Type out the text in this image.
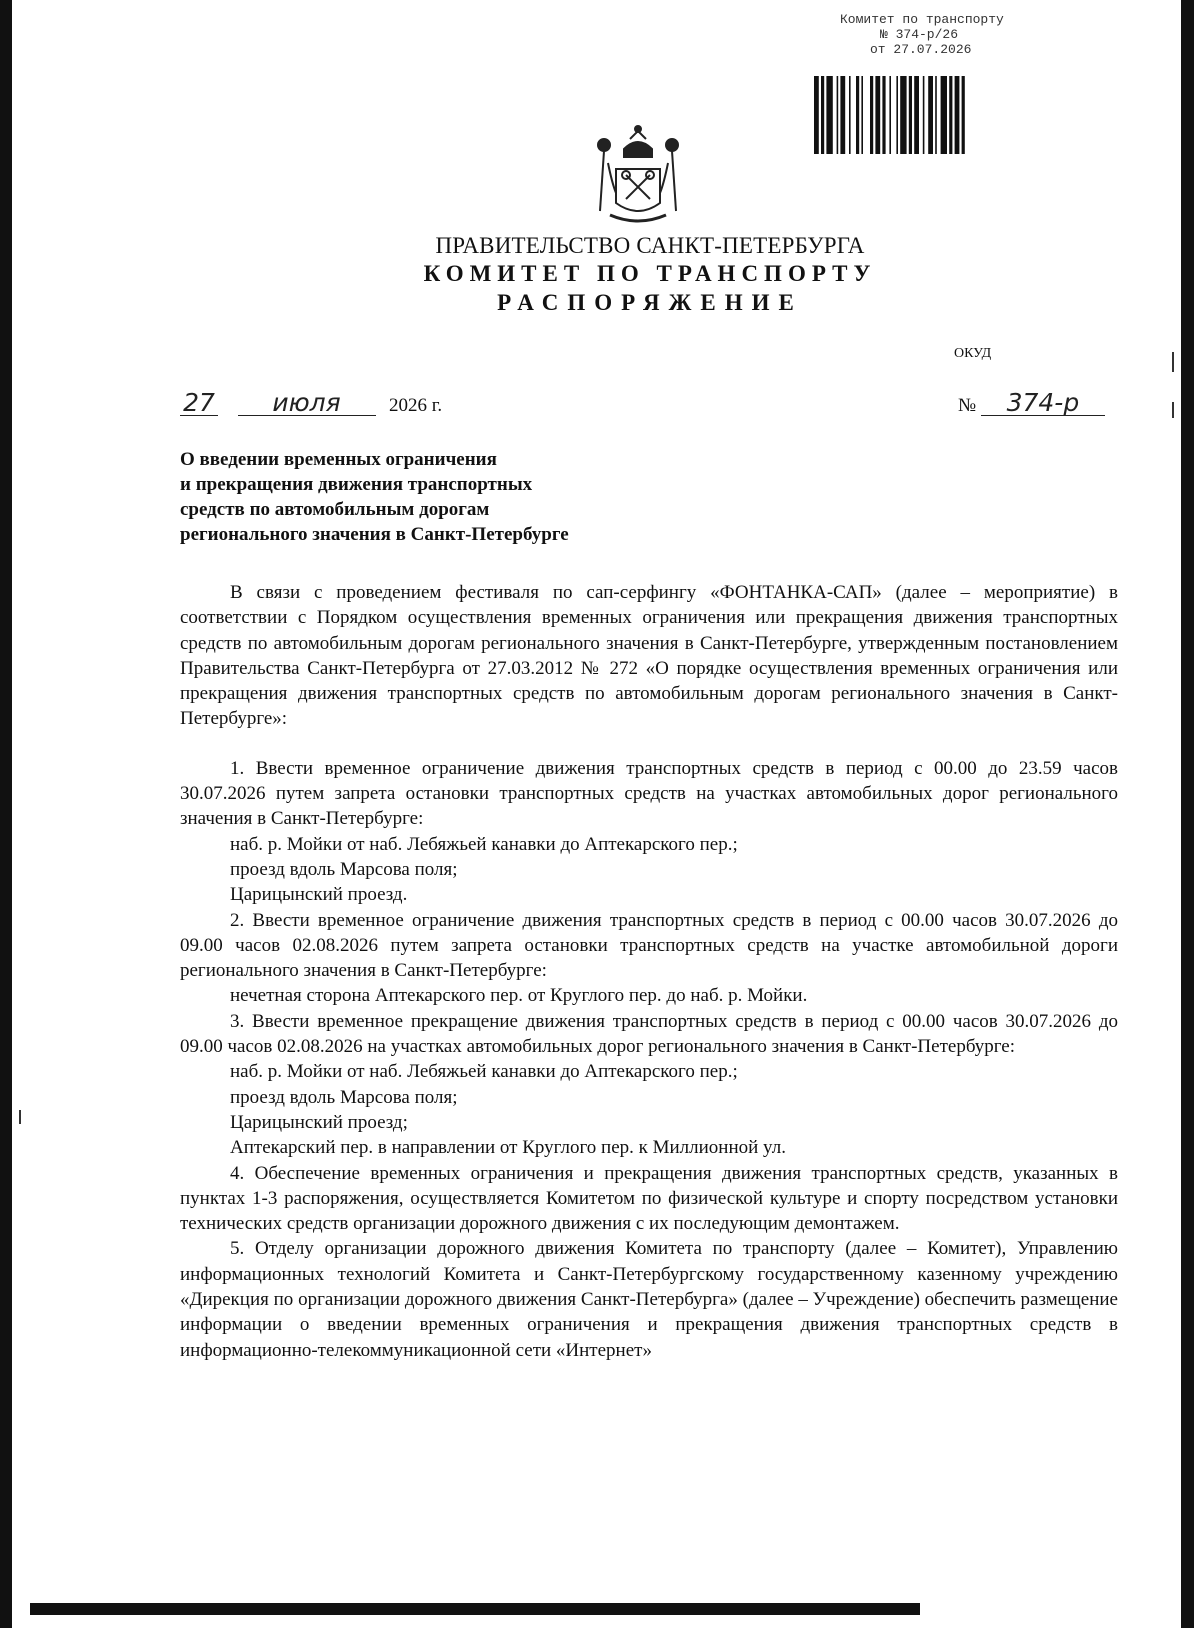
Комитет по транспорту
№ 374-р/26
от 27.07.2026
ПРАВИТЕЛЬСТВО САНКТ-ПЕТЕРБУРГА
КОМИТЕТ ПО ТРАНСПОРТУ
РАСПОРЯЖЕНИЕ
ОКУД
27 июля	2026 г.	№ 374-р
О введении временных ограничения
и прекращения движения транспортных
средств по автомобильным дорогам
регионального значения в Санкт-Петербурге

В связи с проведением фестиваля по сап-серфингу «ФОНТАНКА-САП» (далее – мероприятие) в соответствии с Порядком осуществления временных ограничения или прекращения движения транспортных средств по автомобильным дорогам регионального значения в Санкт-Петербурге, утвержденным постановлением Правительства Санкт-Петербурга от 27.03.2012 № 272 «О порядке осуществления временных ограничения или прекращения движения транспортных средств по автомобильным дорогам регионального значения в Санкт-Петербурге»:

1. Ввести временное ограничение движения транспортных средств в период с 00.00 до 23.59 часов 30.07.2026 путем запрета остановки транспортных средств на участках автомобильных дорог регионального значения в Санкт-Петербурге:

наб. р. Мойки от наб. Лебяжьей канавки до Аптекарского пер.;

проезд вдоль Марсова поля;

Царицынский проезд.

2. Ввести временное ограничение движения транспортных средств в период с 00.00 часов 30.07.2026 до 09.00 часов 02.08.2026 путем запрета остановки транспортных средств на участке автомобильной дороги регионального значения в Санкт-Петербурге:

нечетная сторона Аптекарского пер. от Круглого пер. до наб. р. Мойки.

3. Ввести временное прекращение движения транспортных средств в период с 00.00 часов 30.07.2026 до 09.00 часов 02.08.2026 на участках автомобильных дорог регионального значения в Санкт-Петербурге:

наб. р. Мойки от наб. Лебяжьей канавки до Аптекарского пер.;

проезд вдоль Марсова поля;

Царицынский проезд;

Аптекарский пер. в направлении от Круглого пер. к Миллионной ул.

4. Обеспечение временных ограничения и прекращения движения транспортных средств, указанных в пунктах 1-3 распоряжения, осуществляется Комитетом по физической культуре и спорту посредством установки технических средств организации дорожного движения с их последующим демонтажем.

5. Отделу организации дорожного движения Комитета по транспорту (далее – Комитет), Управлению информационных технологий Комитета и Санкт-Петербургскому государственному казенному учреждению «Дирекция по организации дорожного движения Санкт-Петербурга» (далее – Учреждение) обеспечить размещение информации о введении временных ограничения и прекращения движения транспортных средств в информационно-телекоммуникационной сети «Интернет»
